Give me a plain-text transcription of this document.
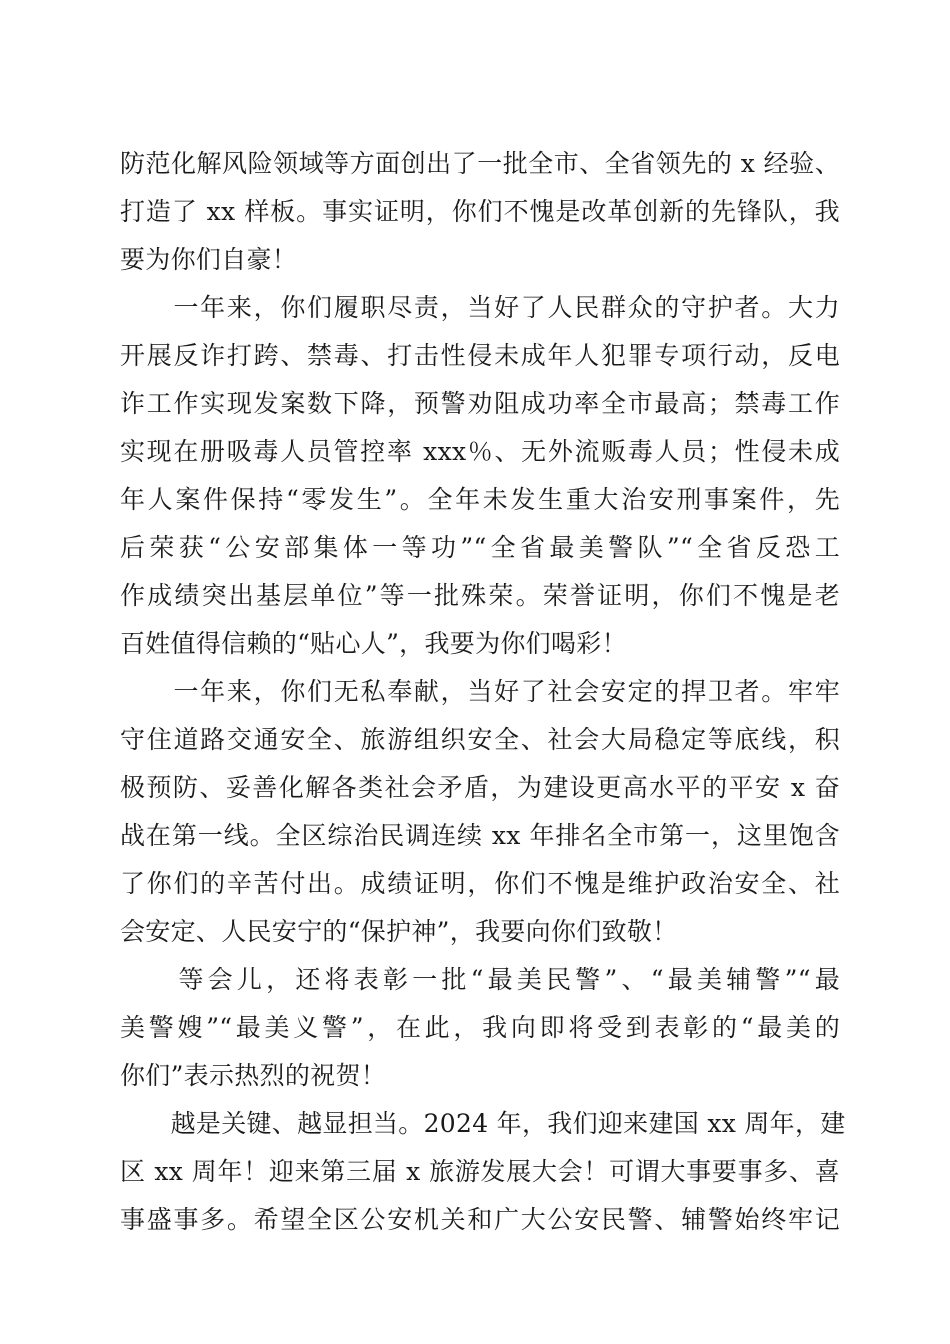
防范化解风险领域等方面创出了一批全市、全省领先的 x 经验、
打造了 xx 样板。事实证明，你们不愧是改革创新的先锋队，我
要为你们自豪！
　　一年来，你们履职尽责，当好了人民群众的守护者。大力
开展反诈打跨、禁毒、打击性侵未成年人犯罪专项行动，反电
诈工作实现发案数下降，预警劝阻成功率全市最高；禁毒工作
实现在册吸毒人员管控率 xxx％、无外流贩毒人员；性侵未成
年人案件保持“零发生”。全年未发生重大治安刑事案件，先
后荣获“公安部集体一等功”“全省最美警队”“全省反恐工
作成绩突出基层单位”等一批殊荣。荣誉证明，你们不愧是老
百姓值得信赖的“贴心人”，我要为你们喝彩！
　　一年来，你们无私奉献，当好了社会安定的捍卫者。牢牢
守住道路交通安全、旅游组织安全、社会大局稳定等底线，积
极预防、妥善化解各类社会矛盾，为建设更高水平的平安 x 奋
战在第一线。全区综治民调连续 xx 年排名全市第一，这里饱含
了你们的辛苦付出。成绩证明，你们不愧是维护政治安全、社
会安定、人民安宁的“保护神”，我要向你们致敬！
　　等会儿，还将表彰一批“最美民警”、“最美辅警”“最
美警嫂”“最美义警”，在此，我向即将受到表彰的“最美的
你们”表示热烈的祝贺！
　　越是关键、越显担当。2024 年，我们迎来建国 xx 周年，建
区 xx 周年！迎来第三届 x 旅游发展大会！可谓大事要事多、喜
事盛事多。希望全区公安机关和广大公安民警、辅警始终牢记
